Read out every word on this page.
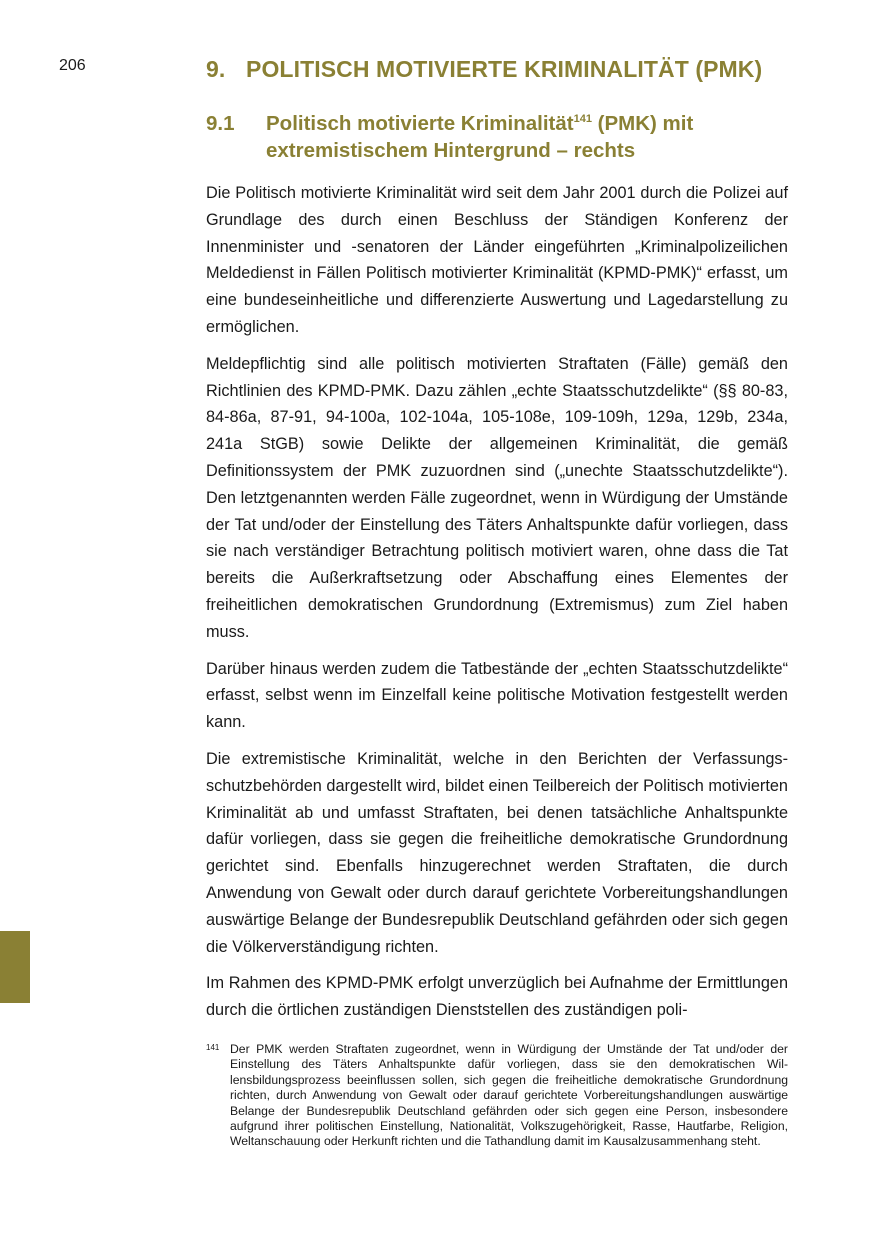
206	9. POLITISCH MOTIVIERTE KRIMINALITÄT (PMK)
9.1	Politisch motivierte Kriminalität$^{141}$ (PMK) mit extremistischem Hintergrund – rechts

Die Politisch motivierte Kriminalität wird seit dem Jahr 2001 durch die Polizei auf Grundlage des durch einen Beschluss der Ständigen Konferenz der Innenminister und -senatoren der Länder eingeführten „Kriminalpolizeilichen Meldedienst in Fällen Politisch motivierter Kriminalität (KPMD-PMK)“ erfasst, um eine bundeseinheitliche und differenzierte Auswertung und Lagedarstellung zu ermöglichen.

Meldepflichtig sind alle politisch motivierten Straftaten (Fälle) gemäß den Richtlinien des KPMD-PMK. Dazu zählen „echte Staatsschutzdelikte“ (§§ 80-83, 84-86a, 87-91, 94-100a, 102-104a, 105-108e, 109-109h, 129a, 129b, 234a, 241a StGB) sowie Delikte der allgemeinen Kriminalität, die gemäß Definitionssystem der PMK zuzuordnen sind („unechte Staatsschutzdelikte“). Den letztgenannten werden Fälle zugeordnet, wenn in Würdigung der Umstände der Tat und/oder der Einstellung des Täters Anhaltspunkte dafür vorliegen, dass sie nach verständiger Betrachtung politisch motiviert waren, ohne dass die Tat bereits die Außerkraftsetzung oder Abschaffung eines Elementes der freiheitlichen demokratischen Grundordnung (Extremismus) zum Ziel haben muss.

Darüber hinaus werden zudem die Tatbestände der „echten Staatsschutzdelikte“ erfasst, selbst wenn im Einzelfall keine politische Motivation festgestellt werden kann.

Die extremistische Kriminalität, welche in den Berichten der Verfassungsschutzbehörden dargestellt wird, bildet einen Teilbereich der Politisch motivierten Kriminalität ab und umfasst Straftaten, bei denen tatsächliche Anhaltspunkte dafür vorliegen, dass sie gegen die freiheitliche demokratische Grundordnung gerichtet sind. Ebenfalls hinzugerechnet werden Straftaten, die durch Anwendung von Gewalt oder durch darauf gerichtete Vorbereitungshandlungen auswärtige Belange der Bundesrepublik Deutschland gefährden oder sich gegen die Völkerverständigung richten.

Im Rahmen des KPMD-PMK erfolgt unverzüglich bei Aufnahme der Ermittlungen durch die örtlichen zuständigen Dienststellen des zuständigen poli-

141 Der PMK werden Straftaten zugeordnet, wenn in Würdigung der Umstände der Tat und/oder der Einstellung des Täters Anhaltspunkte dafür vorliegen, dass sie den demokratischen Willensbildungsprozess beeinflussen sollen, sich gegen die freiheitliche demokratische Grundordnung richten, durch Anwendung von Gewalt oder darauf gerichtete Vorbereitungshandlungen auswärtige Belange der Bundesrepublik Deutschland gefährden oder sich gegen eine Person, insbesondere aufgrund ihrer politischen Einstellung, Nationalität, Volkszugehörigkeit, Rasse, Hautfarbe, Religion, Weltanschauung oder Herkunft richten und die Tathandlung damit im Kausalzusammenhang steht.
